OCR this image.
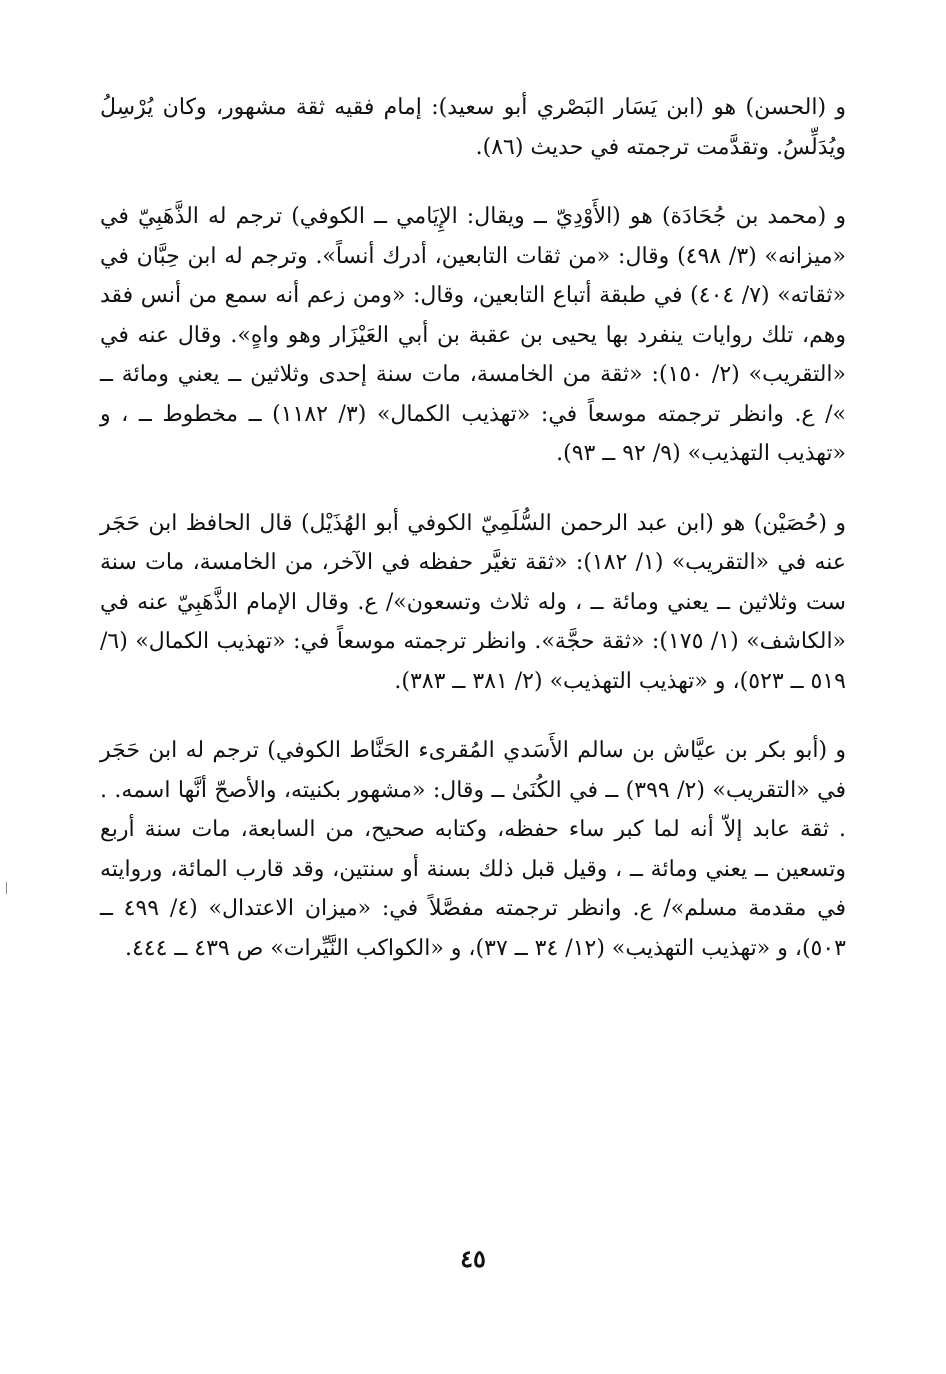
و (الحسن) هو (ابن يَسَار البَصْري أبو سعيد): إمام فقيه ثقة مشهور، وكان يُرْسِلُ ويُدَلِّسُ. وتقدَّمت ترجمته في حديث (٨٦).

و (محمد بن جُحَادَة) هو (الأَوْدِيّ ــ ويقال: الإِيَامي ــ الكوفي) ترجم له الذَّهَبِيّ في «ميزانه» (٣/ ٤٩٨) وقال: «من ثقات التابعين، أدرك أنساً». وترجم له ابن حِبَّان في «ثقاته» (٧/ ٤٠٤) في طبقة أتباع التابعين، وقال: «ومن زعم أنه سمع من أنس فقد وهم، تلك روايات ينفرد بها يحيى بن عقبة بن أبي العَيْزَار وهو واهٍ». وقال عنه في «التقريب» (٢/ ١٥٠): «ثقة من الخامسة، مات سنة إحدى وثلاثين ــ يعني ومائة ــ »/ ع. وانظر ترجمته موسعاً في: «تهذيب الكمال» (٣/ ١١٨٢) ــ مخطوط ــ ، و «تهذيب التهذيب» (٩/ ٩٢ ــ ٩٣).

و (حُصَيْن) هو (ابن عبد الرحمن السُّلَمِيّ الكوفي أبو الهُذَيْل) قال الحافظ ابن حَجَر عنه في «التقريب» (١/ ١٨٢): «ثقة تغيَّر حفظه في الآخر، من الخامسة، مات سنة ست وثلاثين ــ يعني ومائة ــ ، وله ثلاث وتسعون»/ ع. وقال الإمام الذَّهَبِيّ عنه في «الكاشف» (١/ ١٧٥): «ثقة حجَّة». وانظر ترجمته موسعاً في: «تهذيب الكمال» (٦/ ٥١٩ ــ ٥٢٣)، و «تهذيب التهذيب» (٢/ ٣٨١ ــ ٣٨٣).

و (أبو بكر بن عيَّاش بن سالم الأَسَدي المُقرىء الحَنَّاط الكوفي) ترجم له ابن حَجَر في «التقريب» (٢/ ٣٩٩) ــ في الكُنَىٰ ــ وقال: «مشهور بكنيته، والأصحّ أنَّها اسمه. . . ثقة عابد إلاّ أنه لما كبر ساء حفظه، وكتابه صحيح، من السابعة، مات سنة أربع وتسعين ــ يعني ومائة ــ ، وقيل قبل ذلك بسنة أو سنتين، وقد قارب المائة، وروايته في مقدمة مسلم»/ ع. وانظر ترجمته مفصَّلاً في: «ميزان الاعتدال» (٤/ ٤٩٩ ــ ٥٠٣)، و «تهذيب التهذيب» (١٢/ ٣٤ ــ ٣٧)، و «الكواكب النَّيِّرات» ص ٤٣٩ ــ ٤٤٤.

٤٥
